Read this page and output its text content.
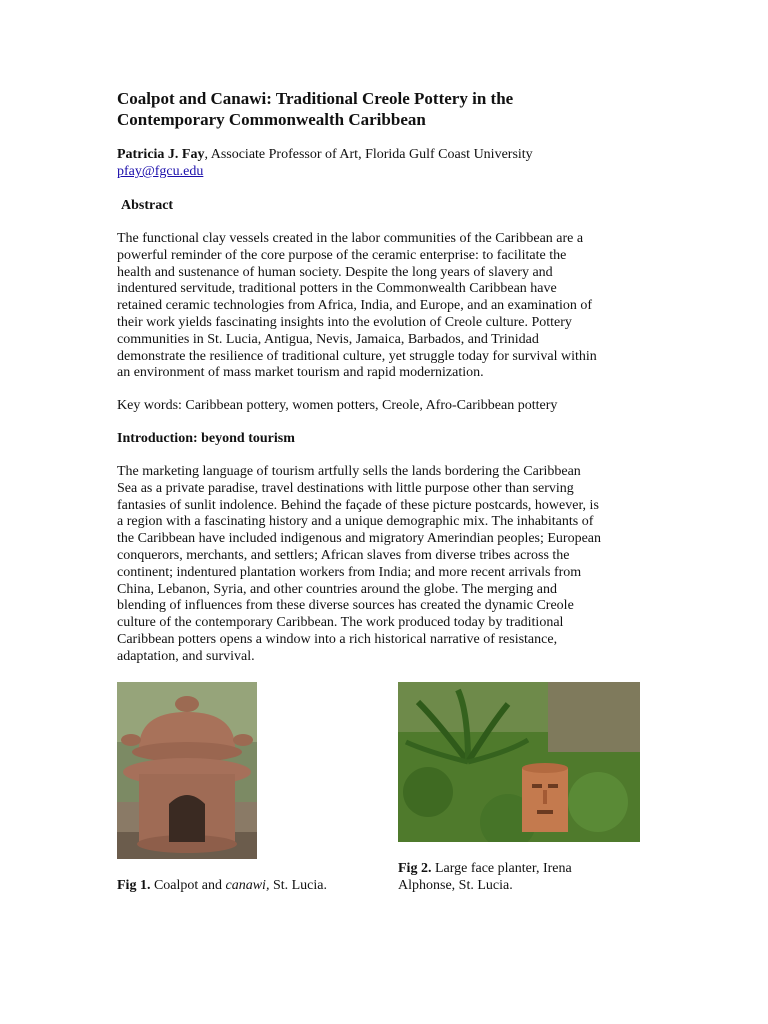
Coalpot and Canawi: Traditional Creole Pottery in the
Contemporary Commonwealth Caribbean
Patricia J. Fay, Associate Professor of Art, Florida Gulf Coast University
pfay@fgcu.edu
Abstract
The functional clay vessels created in the labor communities of the Caribbean are a
powerful reminder of the core purpose of the ceramic enterprise: to facilitate the
health and sustenance of human society. Despite the long years of slavery and
indentured servitude, traditional potters in the Commonwealth Caribbean have
retained ceramic technologies from Africa, India, and Europe, and an examination of
their work yields fascinating insights into the evolution of Creole culture. Pottery
communities in St. Lucia, Antigua, Nevis, Jamaica, Barbados, and Trinidad
demonstrate the resilience of traditional culture, yet struggle today for survival within
an environment of mass market tourism and rapid modernization.
Key words: Caribbean pottery, women potters, Creole, Afro-Caribbean pottery
Introduction: beyond tourism
The marketing language of tourism artfully sells the lands bordering the Caribbean
Sea as a private paradise, travel destinations with little purpose other than serving
fantasies of sunlit indolence. Behind the façade of these picture postcards, however, is
a region with a fascinating history and a unique demographic mix. The inhabitants of
the Caribbean have included indigenous and migratory Amerindian peoples; European
conquerors, merchants, and settlers; African slaves from diverse tribes across the
continent; indentured plantation workers from India; and more recent arrivals from
China, Lebanon, Syria, and other countries around the globe. The merging and
blending of influences from these diverse sources has created the dynamic Creole
culture of the contemporary Caribbean. The work produced today by traditional
Caribbean potters opens a window into a rich historical narrative of resistance,
adaptation, and survival.
Fig 1. Coalpot and canawi, St. Lucia.
Fig 2. Large face planter, Irena
Alphonse, St. Lucia.
